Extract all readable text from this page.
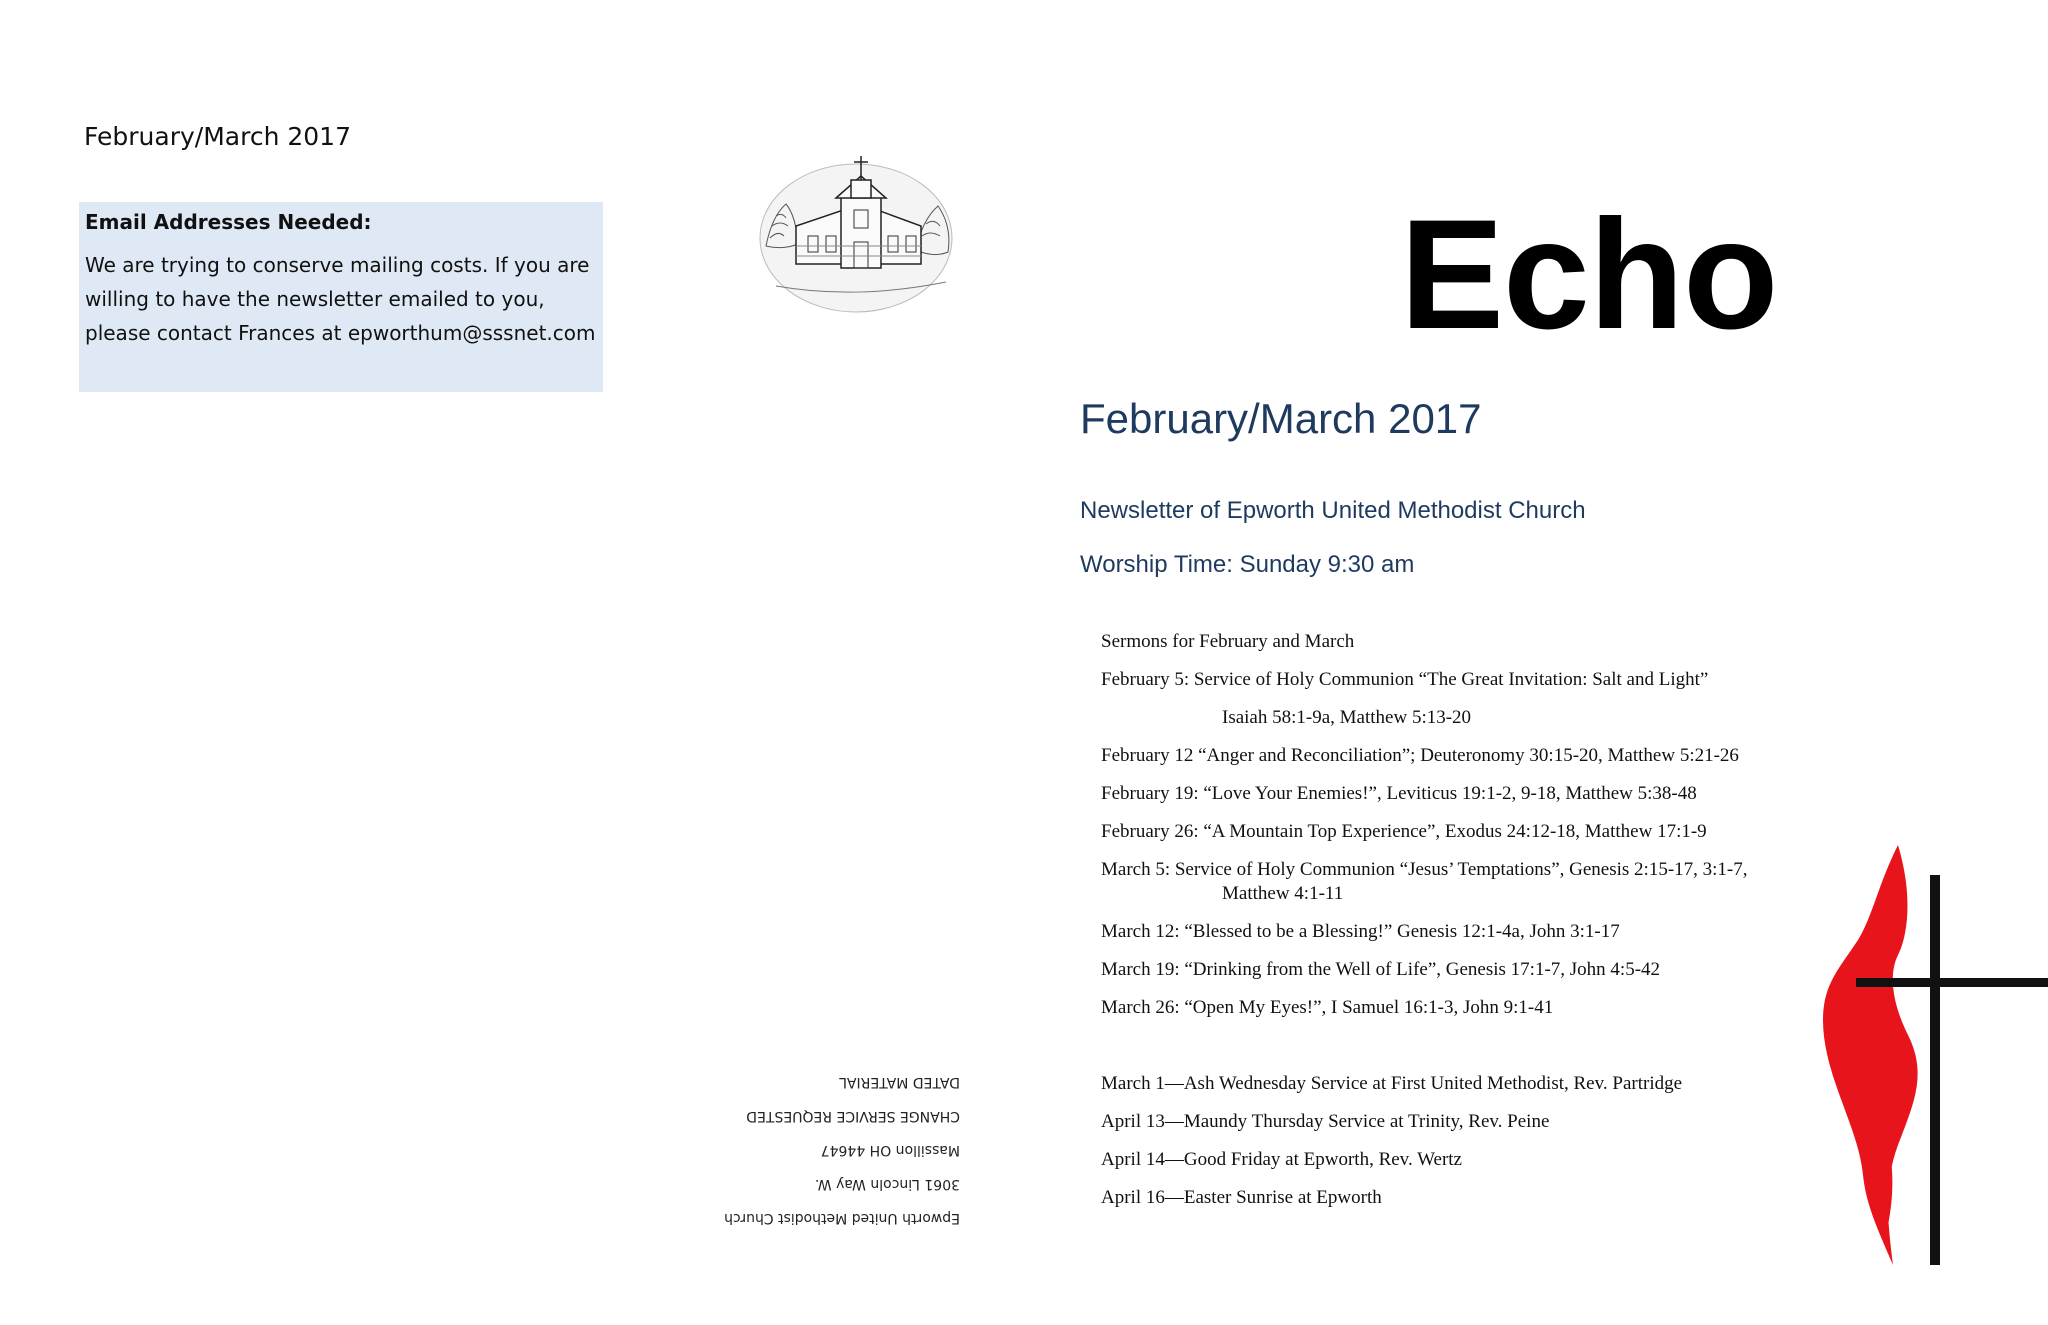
February/March 2017
Email Addresses Needed:
We are trying to conserve mailing costs. If you are willing to have the newsletter emailed to you, please contact Frances at epworthum@sssnet.com
Epworth United Methodist Church
3061 Lincoln Way W.
Massillon OH 44647
CHANGE SERVICE REQUESTED
DATED MATERIAL
Echo
February/March 2017
Newsletter of Epworth United Methodist Church
Worship Time: Sunday 9:30 am
Sermons for February and March
February 5: Service of Holy Communion “The Great Invitation: Salt and Light”
Isaiah 58:1-9a, Matthew 5:13-20
February 12 “Anger and Reconciliation”; Deuteronomy 30:15-20, Matthew 5:21-26
February 19: “Love Your Enemies!”, Leviticus 19:1-2, 9-18, Matthew 5:38-48
February 26: “A Mountain Top Experience”, Exodus 24:12-18, Matthew 17:1-9
March 5: Service of Holy Communion “Jesus’ Temptations”, Genesis 2:15-17, 3:1-7,
Matthew 4:1-11
March 12: “Blessed to be a Blessing!” Genesis 12:1-4a, John 3:1-17
March 19: “Drinking from the Well of Life”, Genesis 17:1-7, John 4:5-42
March 26: “Open My Eyes!”, I Samuel 16:1-3, John 9:1-41
March 1—Ash Wednesday Service at First United Methodist, Rev. Partridge
April 13—Maundy Thursday Service at Trinity, Rev. Peine
April 14—Good Friday at Epworth, Rev. Wertz
April 16—Easter Sunrise at Epworth
